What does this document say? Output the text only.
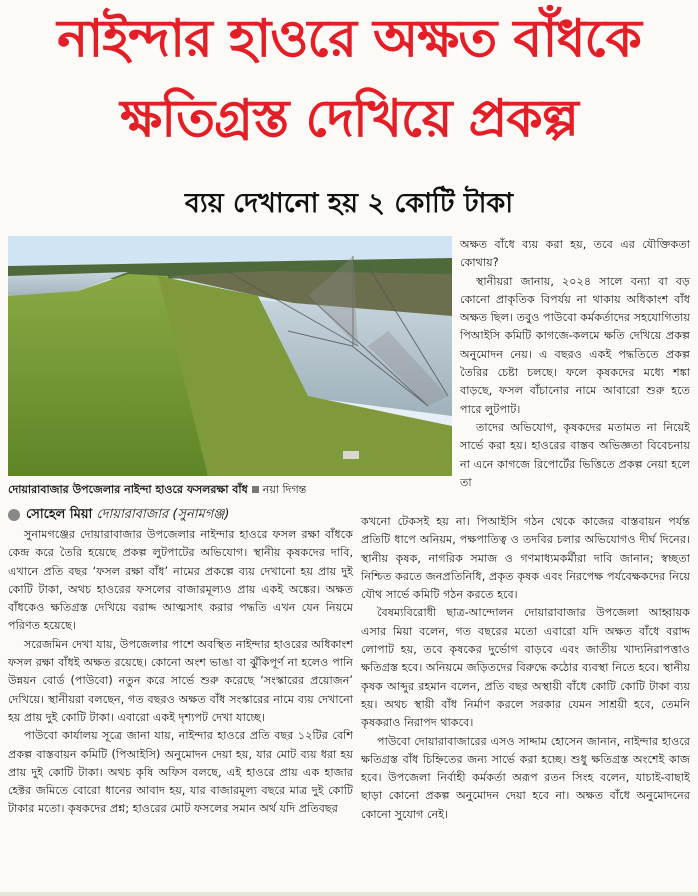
নাইন্দার হাওরে অক্ষত বাঁধকে
ক্ষতিগ্রস্ত দেখিয়ে প্রকল্প
ব্যয় দেখানো হয় ২ কোটি টাকা
দোয়ারাবাজার উপজেলার নাইন্দা হাওরে ফসলরক্ষা বাঁধ নয়া দিগন্ত
সোহেল মিয়া দোয়ারাবাজার (সুনামগঞ্জ)

অক্ষত বাঁধে ব্যয় করা হয়, তবে এর যৌক্তিকতা কোথায়?

স্থানীয়রা জানায়, ২০২৪ সালে বন্যা বা বড় কোনো প্রাকৃতিক বিপর্যয় না থাকায় অধিকাংশ বাঁধ অক্ষত ছিল। তবুও পাউবো কর্মকর্তাদের সহযোগিতায় পিআইসি কমিটি কাগজে-কলমে ক্ষতি দেখিয়ে প্রকল্প অনুমোদন নেয়। এ বছরও একই পদ্ধতিতে প্রকল্প তৈরির চেষ্টা চলছে। ফলে কৃষকদের মধ্যে শঙ্কা বাড়ছে, ফসল বাঁচানোর নামে আবারো শুরু হতে পারে লুটপাট।

তাদের অভিযোগ, কৃষকদের মতামত না নিয়েই সার্ভে করা হয়। হাওরের বাস্তব অভিজ্ঞতা বিবেচনায় না এনে কাগজে রিপোর্টের ভিত্তিতে প্রকল্প নেয়া হলে তা

কখনো টেকসই হয় না। পিআইসি গঠন থেকে কাজের বাস্তবায়ন পর্যন্ত প্রতিটি ধাপে অনিয়ম, পক্ষপাতিত্ব ও তদবির চলার অভিযোগও দীর্ঘ দিনের। স্থানীয় কৃষক, নাগরিক সমাজ ও গণমাধ্যমকর্মীরা দাবি জানান; স্বচ্ছতা নিশ্চিত করতে জনপ্রতিনিধি, প্রকৃত কৃষক এবং নিরপেক্ষ পর্যবেক্ষকদের নিয়ে যৌথ সার্ভে কমিটি গঠন করতে হবে।

বৈষম্যবিরোধী ছাত্র-আন্দোলন দোয়ারাবাজার উপজেলা আহ্বায়ক এসার মিয়া বলেন, গত বছরের মতো এবারো যদি অক্ষত বাঁধে বরাদ্দ লোপাট হয়, তবে কৃষকের দুর্ভোগ বাড়বে এবং জাতীয় খাদ্যনিরাপত্তাও ক্ষতিগ্রস্ত হবে। অনিয়মে জড়িতদের বিরুদ্ধে কঠোর ব্যবস্থা নিতে হবে। স্থানীয় কৃষক আব্দুর রহমান বলেন, প্রতি বছর অস্থায়ী বাঁধে কোটি কোটি টাকা ব্যয় হয়। অথচ স্থায়ী বাঁধ নির্মাণ করলে সরকার যেমন সাশ্রয়ী হবে, তেমনি কৃষকরাও নিরাপদ থাকবে।

পাউবো দোয়ারাবাজারের এসও সাদ্দাম হোসেন জানান, নাইন্দার হাওরে ক্ষতিগ্রস্ত বাঁধ চিহ্নিতের জন্য সার্ভে করা হচ্ছে। শুধু ক্ষতিগ্রস্ত অংশেই কাজ হবে। উপজেলা নির্বাহী কর্মকর্তা অরূপ রতন সিংহ বলেন, যাচাই-বাছাই ছাড়া কোনো প্রকল্প অনুমোদন দেয়া হবে না। অক্ষত বাঁধে অনুমোদনের কোনো সুযোগ নেই।

সুনামগঞ্জের দোয়ারাবাজার উপজেলার নাইন্দার হাওরে ফসল রক্ষা বাঁধকে কেন্দ্র করে তৈরি হয়েছে প্রকল্প লুটপাটের অভিযোগ। স্থানীয় কৃষকদের দাবি, এখানে প্রতি বছর ‘ফসল রক্ষা বাঁধ’ নামের প্রকল্পে ব্যয় দেখানো হয় প্রায় দুই কোটি টাকা, অথচ হাওরের ফসলের বাজারমূল্যও প্রায় একই অঙ্কের। অক্ষত বাঁধকেও ক্ষতিগ্রস্ত দেখিয়ে বরাদ্দ আত্মসাৎ করার পদ্ধতি এখন যেন নিয়মে পরিণত হয়েছে।

সরেজমিন দেখা যায়, উপজেলার পাশে অবস্থিত নাইন্দার হাওরের অধিকাংশ ফসল রক্ষা বাঁধই অক্ষত রয়েছে। কোনো অংশ ভাঙা বা ঝুঁকিপূর্ণ না হলেও পানি উন্নয়ন বোর্ড (পাউবো) নতুন করে সার্ভে শুরু করেছে ‘সংস্কারের প্রয়োজন’ দেখিয়ে। স্থানীয়রা বলছেন, গত বছরও অক্ষত বাঁধ সংস্কারের নামে ব্যয় দেখানো হয় প্রায় দুই কোটি টাকা। এবারো একই দৃশ্যপট দেখা যাচ্ছে।

পাউবো কার্যালয় সূত্রে জানা যায়, নাইন্দার হাওরে প্রতি বছর ১২টির বেশি প্রকল্প বাস্তবায়ন কমিটি (পিআইসি) অনুমোদন দেয়া হয়, যার মোট ব্যয় ধরা হয় প্রায় দুই কোটি টাকা। অথচ কৃষি অফিস বলছে, এই হাওরে প্রায় এক হাজার হেক্টর জমিতে বোরো ধানের আবাদ হয়, যার বাজারমূল্য বছরে মাত্র দুই কোটি টাকার মতো। কৃষকদের প্রশ্ন; হাওরের মোট ফসলের সমান অর্থ যদি প্রতিবছর
